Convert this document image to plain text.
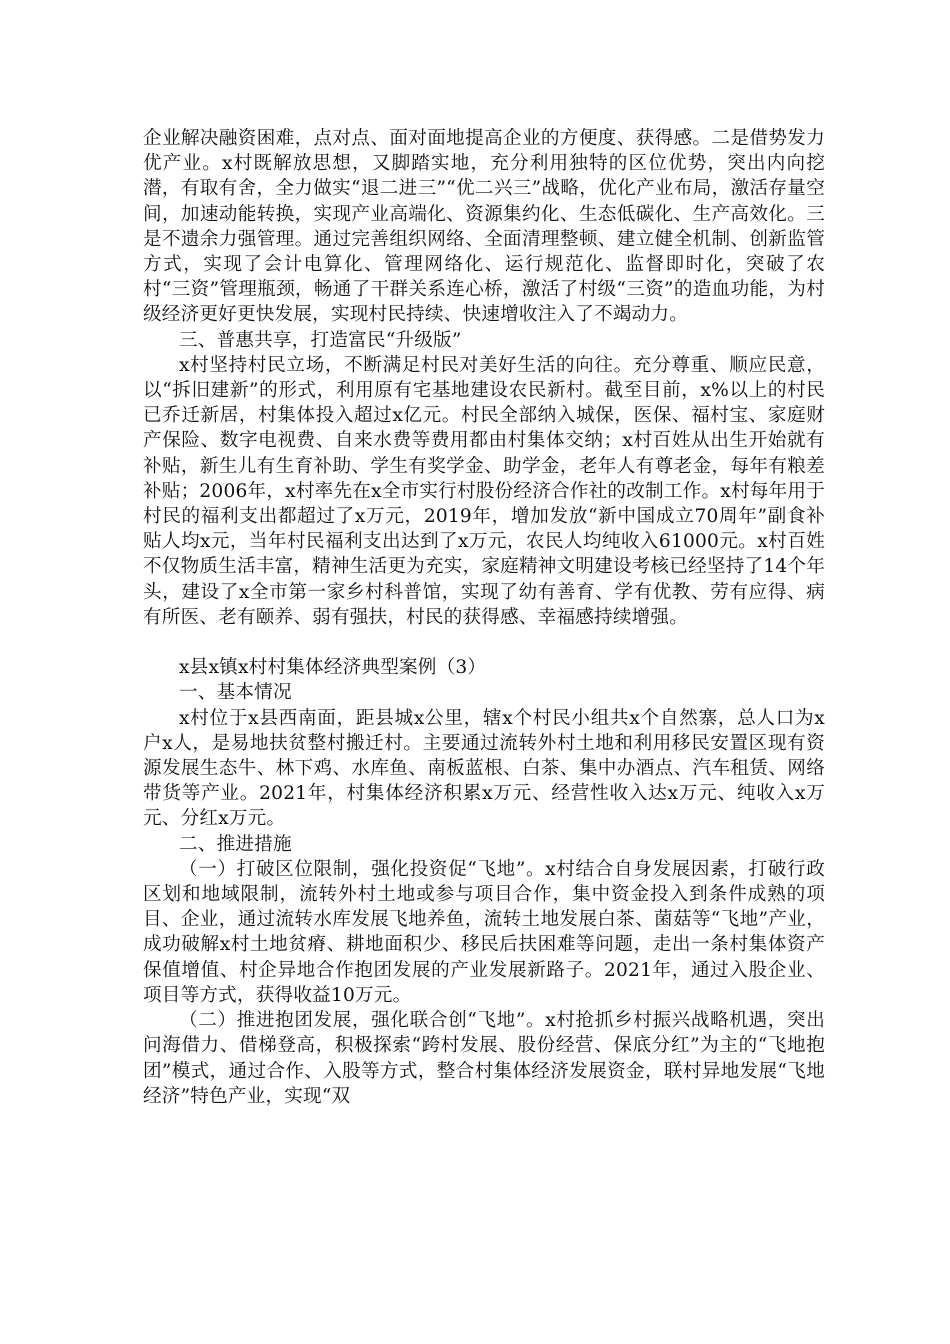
企业解决融资困难，点对点、面对面地提高企业的方便度、获得感。二是借势发力优产业。x村既解放思想，又脚踏实地，充分利用独特的区位优势，突出内向挖潜，有取有舍，全力做实“退二进三”“优二兴三”战略，优化产业布局，激活存量空间，加速动能转换，实现产业高端化、资源集约化、生态低碳化、生产高效化。三是不遗余力强管理。通过完善组织网络、全面清理整顿、建立健全机制、创新监管方式，实现了会计电算化、管理网络化、运行规范化、监督即时化，突破了农村“三资”管理瓶颈，畅通了干群关系连心桥，激活了村级“三资”的造血功能，为村级经济更好更快发展，实现村民持续、快速增收注入了不竭动力。

三、普惠共享，打造富民“升级版”

x村坚持村民立场，不断满足村民对美好生活的向往。充分尊重、顺应民意，以“拆旧建新”的形式，利用原有宅基地建设农民新村。截至目前，x%以上的村民已乔迁新居，村集体投入超过x亿元。村民全部纳入城保，医保、福村宝、家庭财产保险、数字电视费、自来水费等费用都由村集体交纳；x村百姓从出生开始就有补贴，新生儿有生育补助、学生有奖学金、助学金，老年人有尊老金，每年有粮差补贴；2006年，x村率先在x全市实行村股份经济合作社的改制工作。x村每年用于村民的福利支出都超过了x万元，2019年，增加发放“新中国成立70周年”副食补贴人均x元，当年村民福利支出达到了x万元，农民人均纯收入61000元。x村百姓不仅物质生活丰富，精神生活更为充实，家庭精神文明建设考核已经坚持了14个年头，建设了x全市第一家乡村科普馆，实现了幼有善育、学有优教、劳有应得、病有所医、老有颐养、弱有强扶，村民的获得感、幸福感持续增强。

x县x镇x村村集体经济典型案例（3）

一、基本情况

x村位于x县西南面，距县城x公里，辖x个村民小组共x个自然寨，总人口为x户x人，是易地扶贫整村搬迁村。主要通过流转外村土地和利用移民安置区现有资源发展生态牛、林下鸡、水库鱼、南板蓝根、白茶、集中办酒点、汽车租赁、网络带货等产业。2021年，村集体经济积累x万元、经营性收入达x万元、纯收入x万元、分红x万元。

二、推进措施

（一）打破区位限制，强化投资促“飞地”。x村结合自身发展因素，打破行政区划和地域限制，流转外村土地或参与项目合作，集中资金投入到条件成熟的项目、企业，通过流转水库发展飞地养鱼，流转土地发展白茶、菌菇等“飞地”产业，成功破解x村土地贫瘠、耕地面积少、移民后扶困难等问题，走出一条村集体资产保值增值、村企异地合作抱团发展的产业发展新路子。2021年，通过入股企业、项目等方式，获得收益10万元。

（二）推进抱团发展，强化联合创“飞地”。x村抢抓乡村振兴战略机遇，突出问海借力、借梯登高，积极探索“跨村发展、股份经营、保底分红”为主的“飞地抱团”模式，通过合作、入股等方式，整合村集体经济发展资金，联村异地发展“飞地经济”特色产业，实现“双
